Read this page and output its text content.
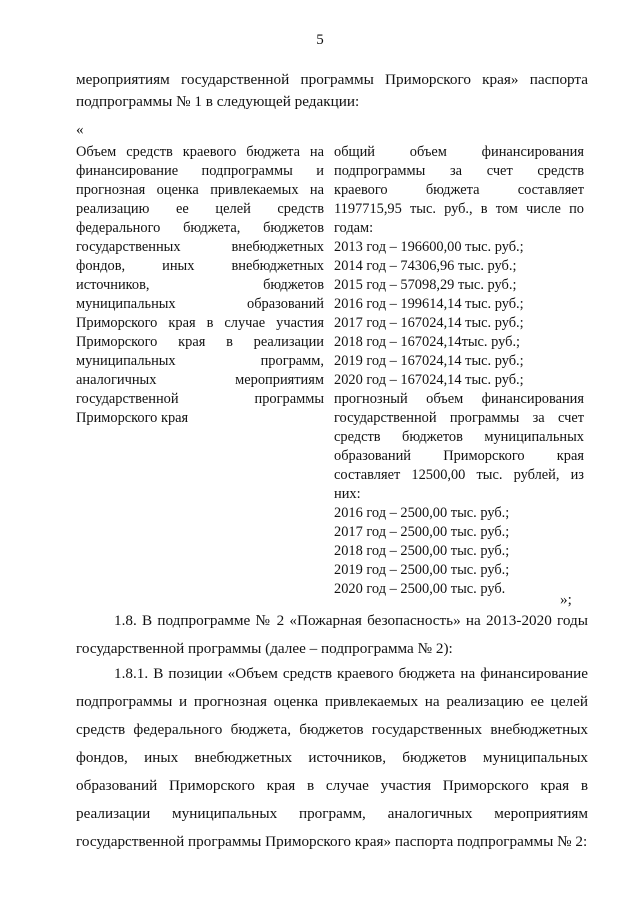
5
мероприятиям государственной программы Приморского края» паспорта
подпрограммы № 1 в следующей редакции:
«
Объем средств краевого бюджета на
финансирование подпрограммы и
прогнозная оценка привлекаемых на
реализацию ее целей средств
федерального бюджета, бюджетов
государственных внебюджетных
фондов, иных внебюджетных
источников, бюджетов
муниципальных образований
Приморского края в случае участия
Приморского края в реализации
муниципальных программ,
аналогичных мероприятиям
государственной программы
Приморского края
общий объем финансирования
подпрограммы за счет средств
краевого бюджета составляет
1197715,95 тыс. руб., в том числе по
годам:
2013 год – 196600,00 тыс. руб.;
2014 год – 74306,96 тыс. руб.;
2015 год – 57098,29 тыс. руб.;
2016 год – 199614,14 тыс. руб.;
2017 год – 167024,14 тыс. руб.;
2018 год – 167024,14тыс. руб.;
2019 год – 167024,14 тыс. руб.;
2020 год – 167024,14 тыс. руб.;
прогнозный объем финансирования
государственной программы за счет
средств бюджетов муниципальных
образований Приморского края
составляет 12500,00 тыс. рублей, из
них:
2016 год – 2500,00 тыс. руб.;
2017 год – 2500,00 тыс. руб.;
2018 год – 2500,00 тыс. руб.;
2019 год – 2500,00 тыс. руб.;
2020 год – 2500,00 тыс. руб.
»;
1.8. В подпрограмме № 2 «Пожарная безопасность» на 2013-2020 годы
государственной программы (далее – подпрограмма № 2):
1.8.1. В позиции «Объем средств краевого бюджета на финансирование
подпрограммы и прогнозная оценка привлекаемых на реализацию ее целей
средств федерального бюджета, бюджетов государственных внебюджетных
фондов, иных внебюджетных источников, бюджетов муниципальных
образований Приморского края в случае участия Приморского края в
реализации муниципальных программ, аналогичных мероприятиям
государственной программы Приморского края» паспорта подпрограммы № 2:
